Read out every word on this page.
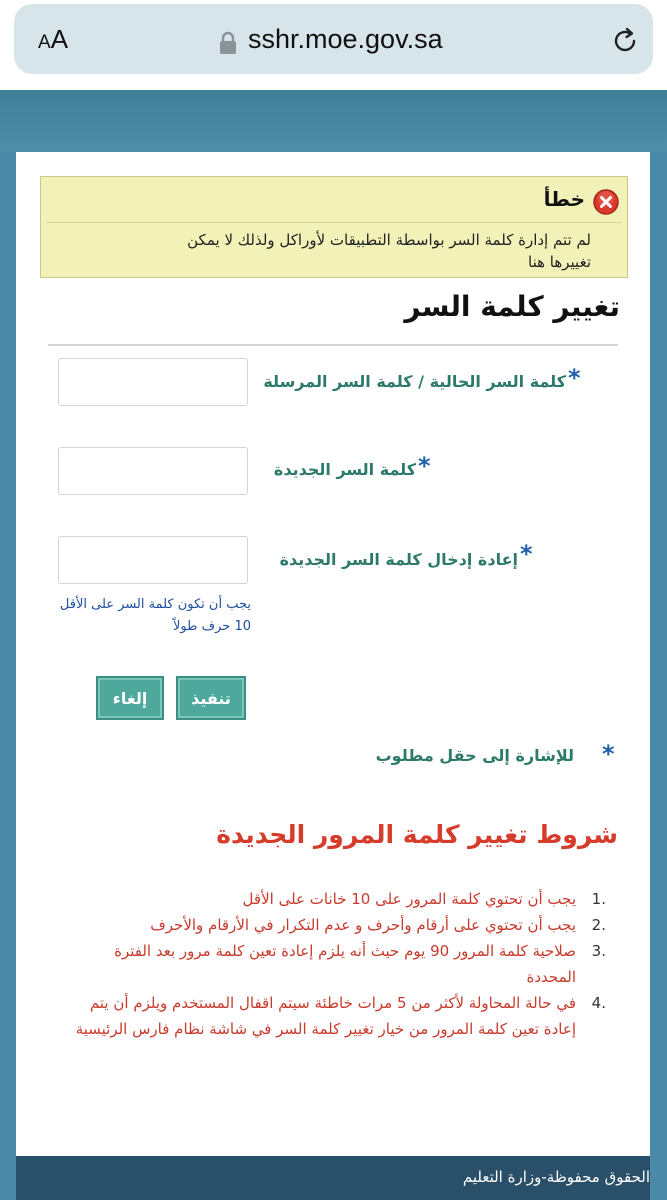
AA	sshr.moe.gov.sa
خطأ
لم تتم إدارة كلمة السر بواسطة التطبيقات لأوراكل ولذلك لا يمكن تغييرها هنا
تغيير كلمة السر
*
كلمة السر الحالية / كلمة السر المرسلة
*
كلمة السر الجديدة
*
إعادة إدخال كلمة السر الجديدة
يجب أن تكون كلمة السر على الأقل 10 حرف طولاً
تنفيذ
إلغاء
*
للإشارة إلى حقل مطلوب
شروط تغيير كلمة المرور الجديدة
.1
يجب أن تحتوي كلمة المرور على 10 خانات على الأقل
.2
يجب أن تحتوي على أرقام وأحرف و عدم التكرار في الأرقام والأحرف
.3
صلاحية كلمة المرور 90 يوم حيث أنه يلزم إعادة تعين كلمة مرور بعد الفترة المحددة
.4
في حالة المحاولة لأكثر من 5 مرات خاطئة سيتم اقفال المستخدم ويلزم أن يتم إعادة تعين كلمة المرور من خيار تغيير كلمة السر في شاشة نظام فارس الرئيسية
الحقوق محفوظة-وزارة التعليم
